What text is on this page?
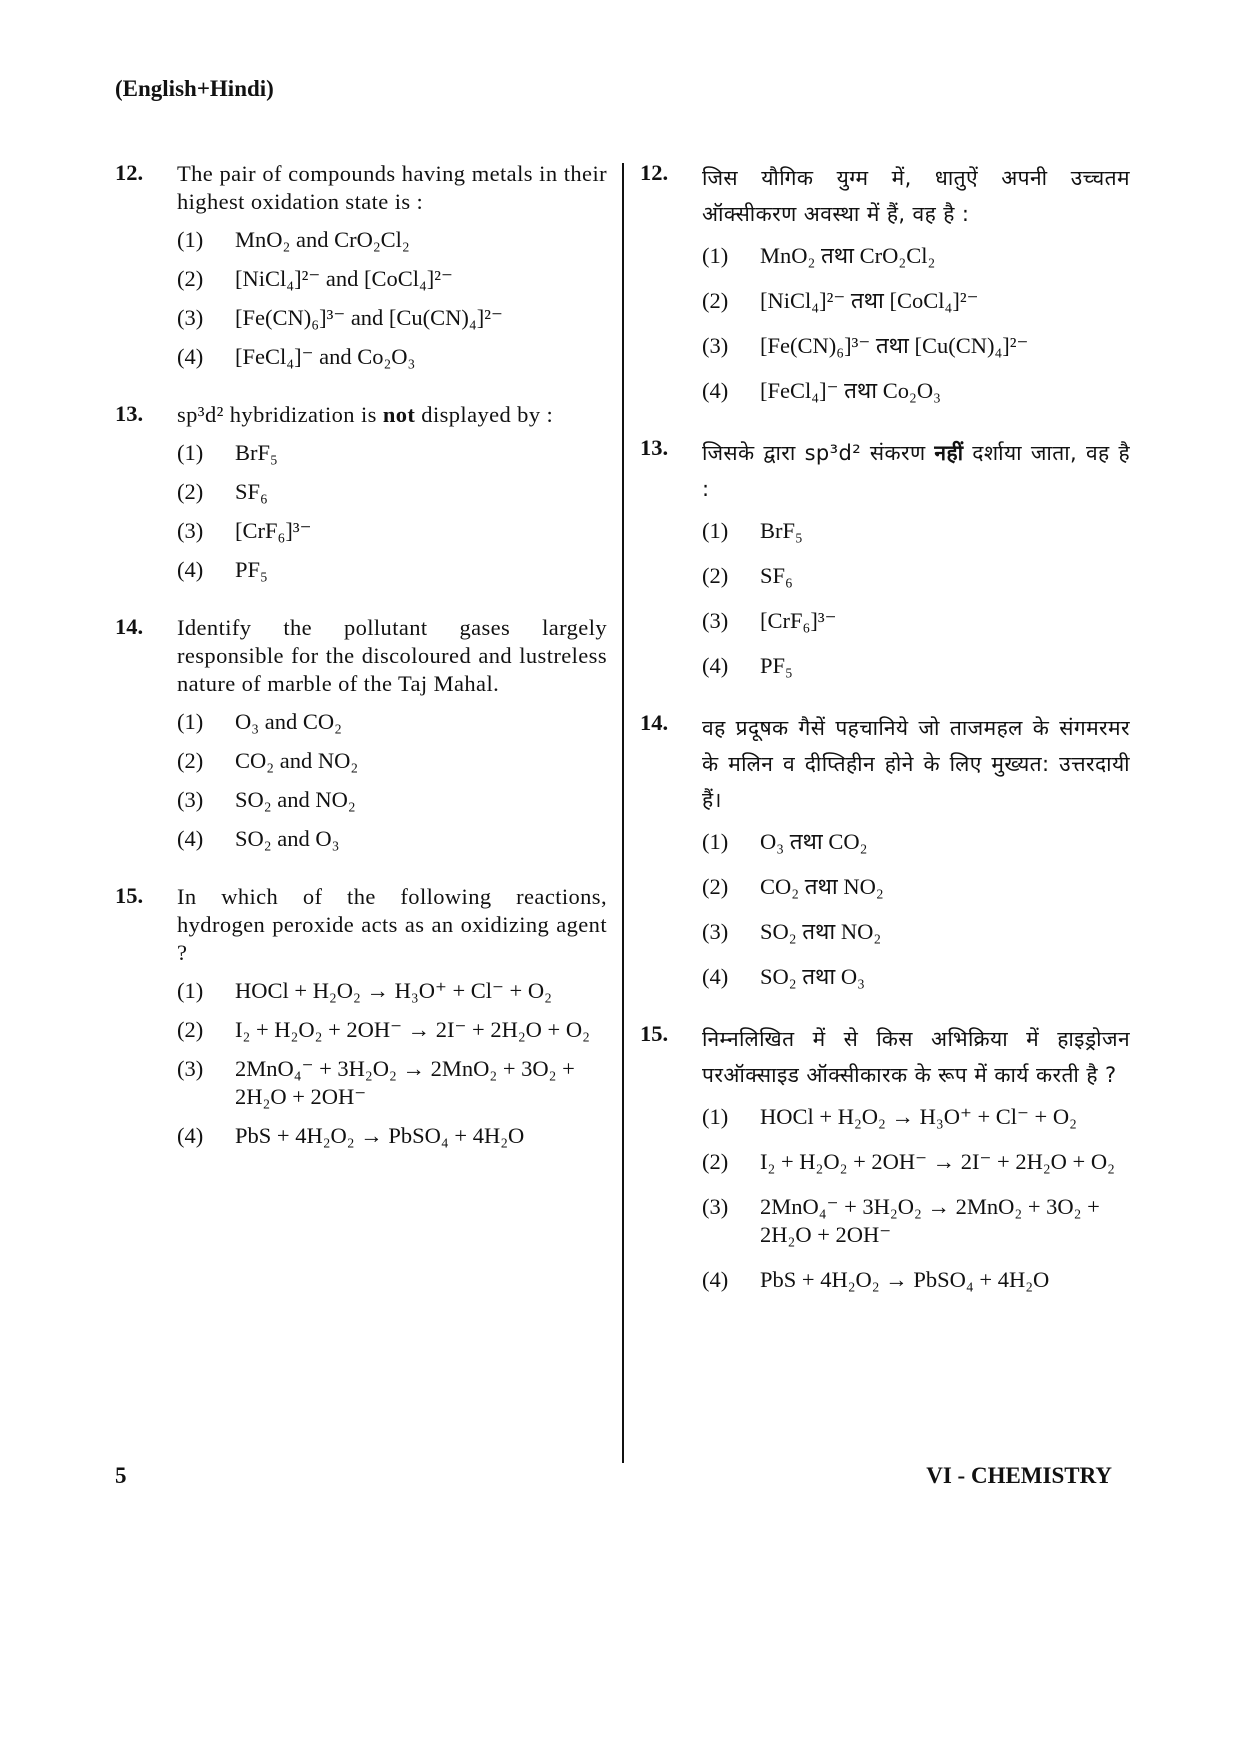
(English+Hindi)
12. The pair of compounds having metals in their highest oxidation state is :
(1) MnO₂ and CrO₂Cl₂
(2) [NiCl₄]²⁻ and [CoCl₄]²⁻
(3) [Fe(CN)₆]³⁻ and [Cu(CN)₄]²⁻
(4) [FeCl₄]⁻ and Co₂O₃
13. sp³d² hybridization is not displayed by :
(1) BrF₅
(2) SF₆
(3) [CrF₆]³⁻
(4) PF₅
14. Identify the pollutant gases largely responsible for the discoloured and lustreless nature of marble of the Taj Mahal.
(1) O₃ and CO₂
(2) CO₂ and NO₂
(3) SO₂ and NO₂
(4) SO₂ and O₃
15. In which of the following reactions, hydrogen peroxide acts as an oxidizing agent ?
(1) HOCl + H₂O₂ → H₃O⁺ + Cl⁻ + O₂
(2) I₂ + H₂O₂ + 2OH⁻ → 2I⁻ + 2H₂O + O₂
(3) 2MnO₄⁻ + 3H₂O₂ → 2MnO₂ + 3O₂ + 2H₂O + 2OH⁻
(4) PbS + 4H₂O₂ → PbSO₄ + 4H₂O
12. जिस यौगिक युग्म में, धातुऐं अपनी उच्चतम ऑक्सीकरण अवस्था में हैं, वह है :
(1) MnO₂ तथा CrO₂Cl₂
(2) [NiCl₄]²⁻ तथा [CoCl₄]²⁻
(3) [Fe(CN)₆]³⁻ तथा [Cu(CN)₄]²⁻
(4) [FeCl₄]⁻ तथा Co₂O₃
13. जिसके द्वारा sp³d² संकरण नहीं दर्शाया जाता, वह है :
(1) BrF₅
(2) SF₆
(3) [CrF₆]³⁻
(4) PF₅
14. वह प्रदूषक गैसें पहचानिये जो ताजमहल के संगमरमर के मलिन व दीप्तिहीन होने के लिए मुख्यत: उत्तरदायी हैं।
(1) O₃ तथा CO₂
(2) CO₂ तथा NO₂
(3) SO₂ तथा NO₂
(4) SO₂ तथा O₃
15. निम्नलिखित में से किस अभिक्रिया में हाइड्रोजन परऑक्साइड ऑक्सीकारक के रूप में कार्य करती है ?
(1) HOCl + H₂O₂ → H₃O⁺ + Cl⁻ + O₂
(2) I₂ + H₂O₂ + 2OH⁻ → 2I⁻ + 2H₂O + O₂
(3) 2MnO₄⁻ + 3H₂O₂ → 2MnO₂ + 3O₂ + 2H₂O + 2OH⁻
(4) PbS + 4H₂O₂ → PbSO₄ + 4H₂O
5	VI - CHEMISTRY
